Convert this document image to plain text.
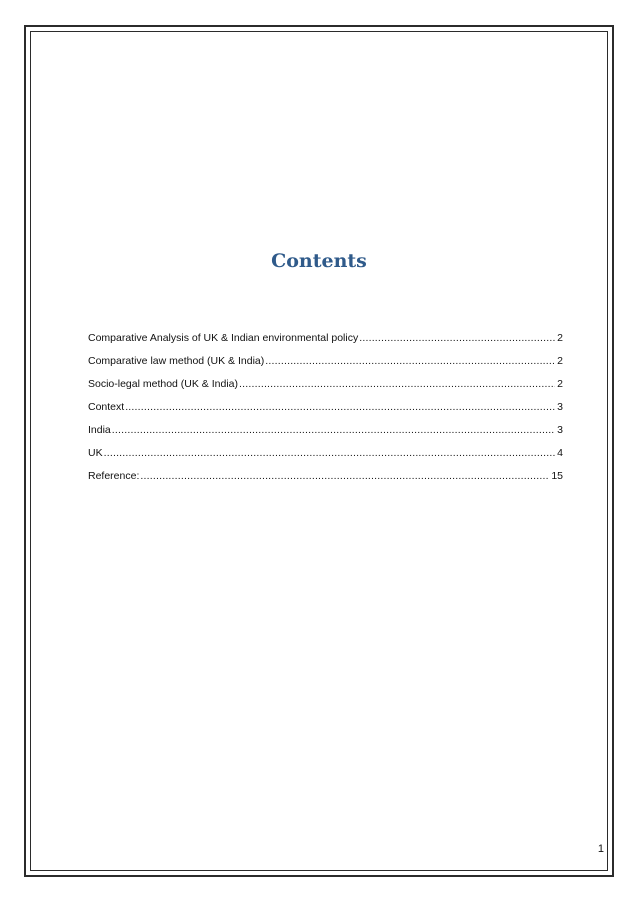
Contents
Comparative Analysis of UK & Indian environmental policy .....	2
Comparative law method (UK & India) .....	2
Socio-legal method (UK & India) .....	2
Context .....	3
India .....	3
UK .....	4
Reference: .....	15
1
